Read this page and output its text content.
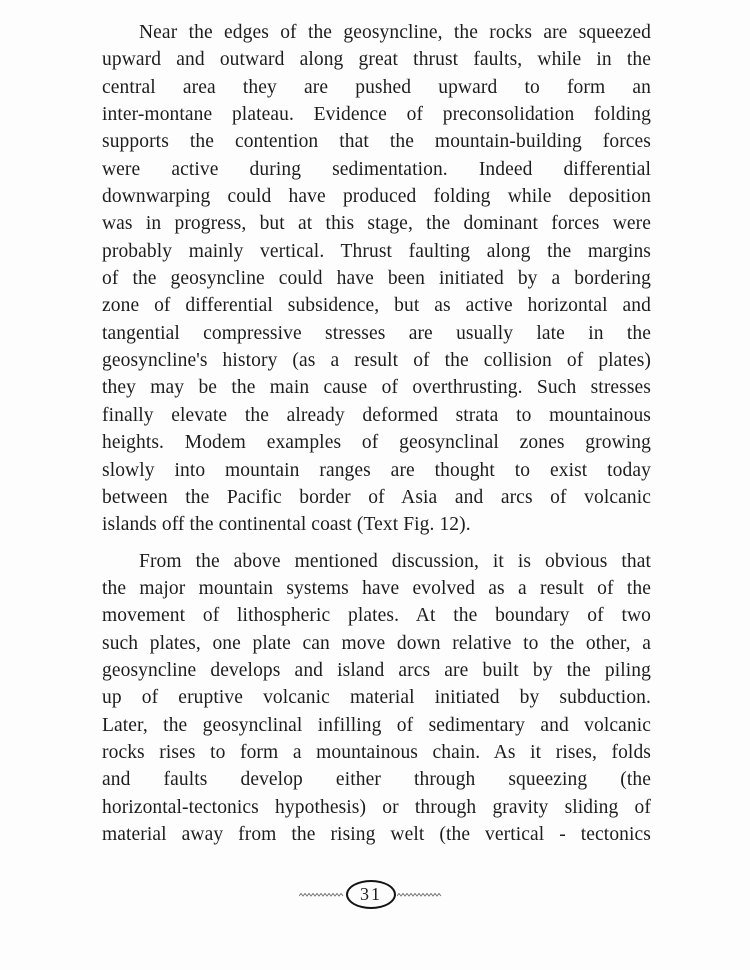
Near the edges of the geosyncline, the rocks are squeezed
upward and outward along great thrust faults, while in the
central area they are pushed upward to form an
inter-montane plateau. Evidence of preconsolidation folding
supports the contention that the mountain-building forces
were active during sedimentation. Indeed differential
downwarping could have produced folding while deposition
was in progress, but at this stage, the dominant forces were
probably mainly vertical. Thrust faulting along the margins
of the geosyncline could have been initiated by a bordering
zone of differential subsidence, but as active horizontal and
tangential compressive stresses are usually late in the
geosyncline's history (as a result of the collision of plates)
they may be the main cause of overthrusting. Such stresses
finally elevate the already deformed strata to mountainous
heights. Modem examples of geosynclinal zones growing
slowly into mountain ranges are thought to exist today
between the Pacific border of Asia and arcs of volcanic
islands off the continental coast (Text Fig. 12).
From the above mentioned discussion, it is obvious that
the major mountain systems have evolved as a result of the
movement of lithospheric plates. At the boundary of two
such plates, one plate can move down relative to the other, a
geosyncline develops and island arcs are built by the piling
up of eruptive volcanic material initiated by subduction.
Later, the geosynclinal infilling of sedimentary and volcanic
rocks rises to form a mountainous chain. As it rises, folds
and faults develop either through squeezing (the
horizontal-tectonics hypothesis) or through gravity sliding of
material away from the rising welt (the vertical - tectonics
31
